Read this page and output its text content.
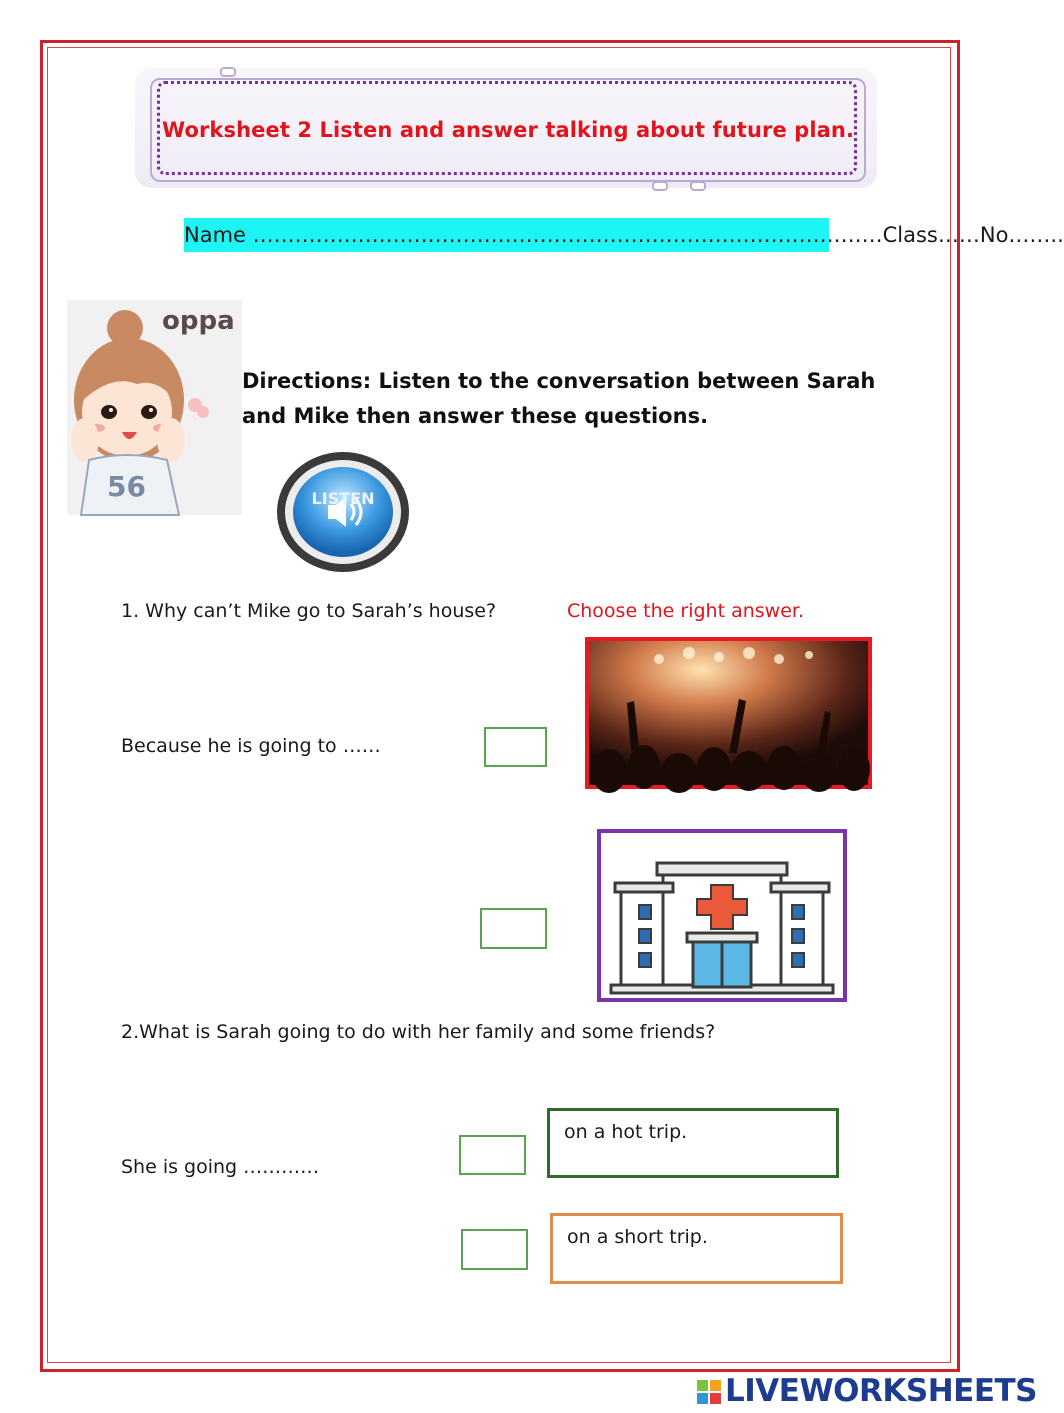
Worksheet 2 Listen and answer talking about future plan.
Name ………………………………………………………………………………Class……No……..
oppa
56
Directions: Listen to the conversation between Sarah and Mike then answer these questions.
LISTEN
1. Why can’t Mike go to Sarah’s house?	Choose the right answer.
Because he is going to ……
2.What is Sarah going to do with her family and some friends?
She is going …………
on a hot trip.
on a short trip.
LIVEWORKSHEETS
